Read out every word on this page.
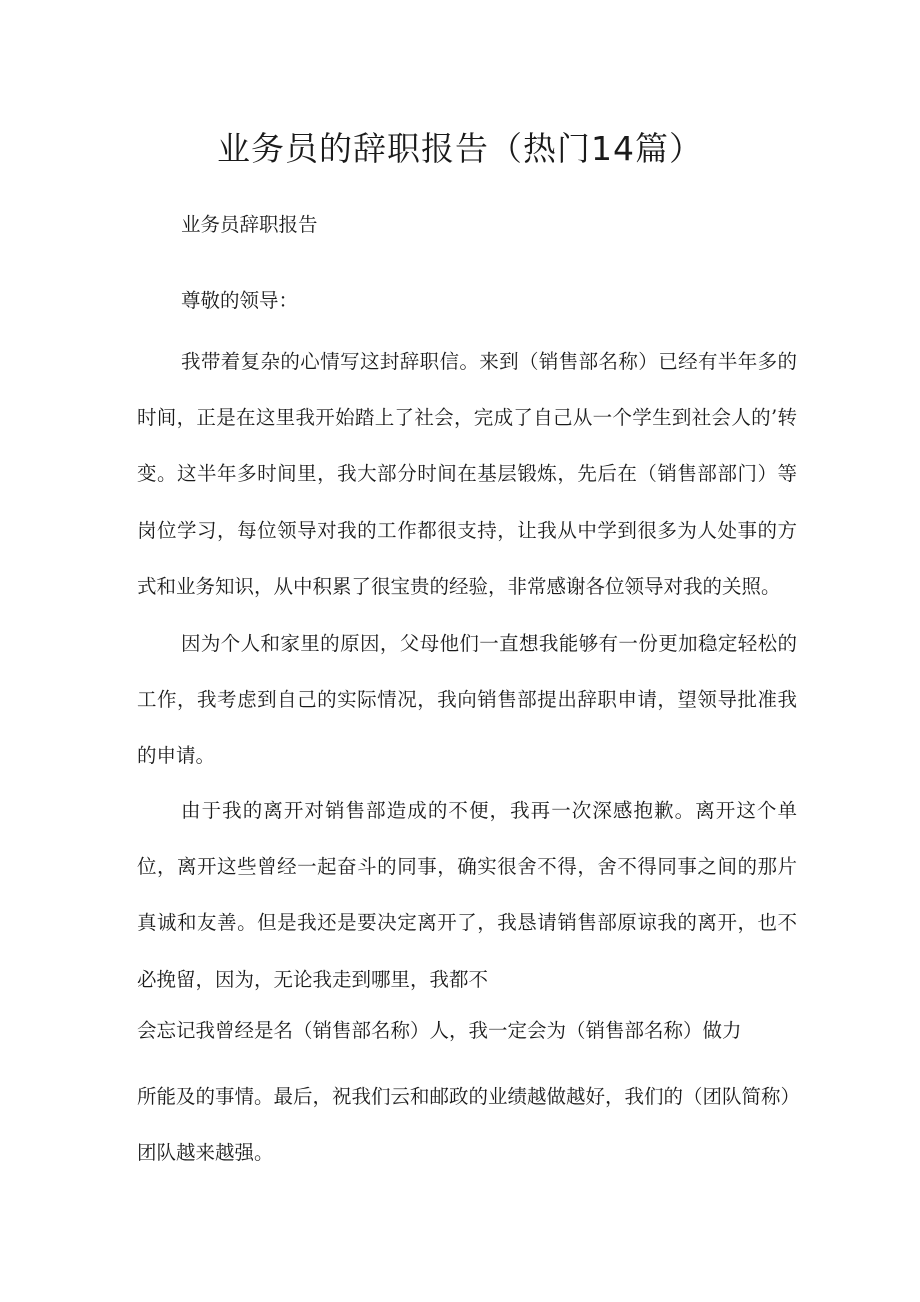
业务员的辞职报告（热门14篇）

业务员辞职报告

尊敬的领导：

我带着复杂的心情写这封辞职信。来到（销售部名称）已经有半年多的时间，正是在这里我开始踏上了社会，完成了自己从一个学生到社会人的’转变。这半年多时间里，我大部分时间在基层锻炼，先后在（销售部部门）等岗位学习，每位领导对我的工作都很支持，让我从中学到很多为人处事的方式和业务知识，从中积累了很宝贵的经验，非常感谢各位领导对我的关照。

因为个人和家里的原因，父母他们一直想我能够有一份更加稳定轻松的工作，我考虑到自己的实际情况，我向销售部提出辞职申请，望领导批准我的申请。

由于我的离开对销售部造成的不便，我再一次深感抱歉。离开这个单位，离开这些曾经一起奋斗的同事，确实很舍不得，舍不得同事之间的那片真诚和友善。但是我还是要决定离开了，我恳请销售部原谅我的离开，也不必挽留，因为，无论我走到哪里，我都不

会忘记我曾经是名（销售部名称）人，我一定会为（销售部名称）做力

所能及的事情。最后，祝我们云和邮政的业绩越做越好，我们的（团队简称）

团队越来越强。
